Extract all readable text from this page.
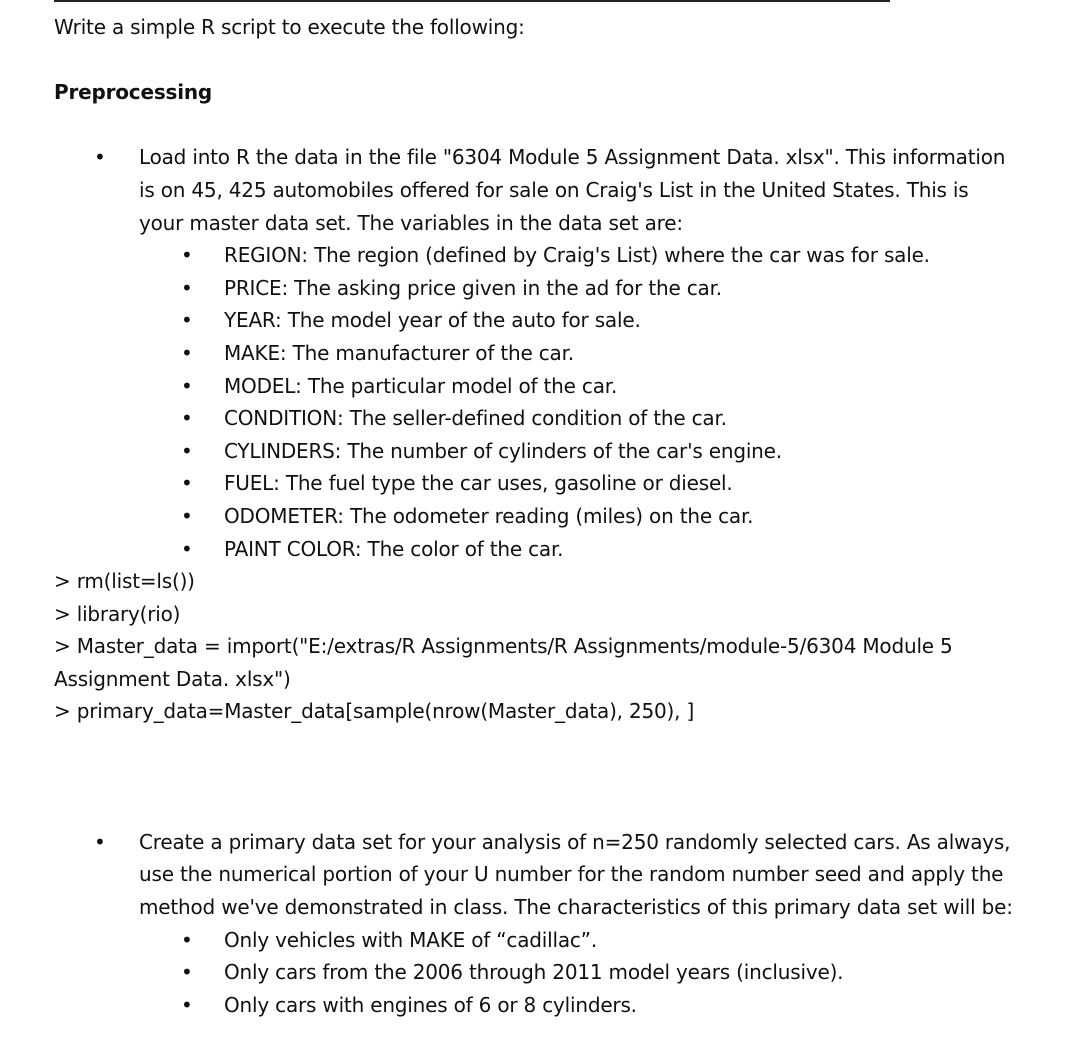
Write a simple R script to execute the following:
Preprocessing
• Load into R the data in the file "6304 Module 5 Assignment Data. xlsx". This information
is on 45, 425 automobiles offered for sale on Craig's List in the United States. This is
your master data set. The variables in the data set are:
• REGION: The region (defined by Craig's List) where the car was for sale.
• PRICE: The asking price given in the ad for the car.
• YEAR: The model year of the auto for sale.
• MAKE: The manufacturer of the car.
• MODEL: The particular model of the car.
• CONDITION: The seller-defined condition of the car.
• CYLINDERS: The number of cylinders of the car's engine.
• FUEL: The fuel type the car uses, gasoline or diesel.
• ODOMETER: The odometer reading (miles) on the car.
• PAINT COLOR: The color of the car.
> rm(list=ls())
> library(rio)
> Master_data = import("E:/extras/R Assignments/R Assignments/module-5/6304 Module 5
Assignment Data. xlsx")
> primary_data=Master_data[sample(nrow(Master_data), 250), ]
• Create a primary data set for your analysis of n=250 randomly selected cars. As always,
use the numerical portion of your U number for the random number seed and apply the
method we've demonstrated in class. The characteristics of this primary data set will be:
• Only vehicles with MAKE of “cadillac”.
• Only cars from the 2006 through 2011 model years (inclusive).
• Only cars with engines of 6 or 8 cylinders.
